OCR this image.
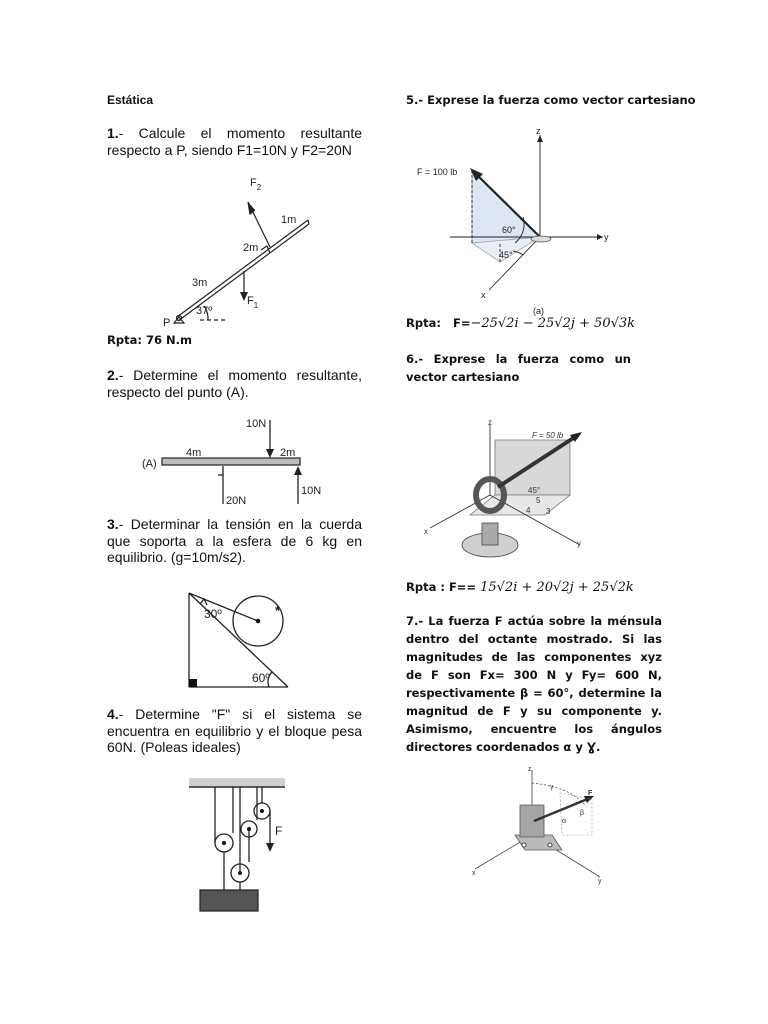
Estática
1.- Calcule el momento resultante respecto a P, siendo F1=10N y F2=20N
$F_2$
1m
2m
3m
$F_1$
P
37º
Rpta: 76 N.m
2.- Determine el momento resultante, respecto del punto (A).
10N
(A)
4m	2m
20N
10N
3.- Determinar la tensión en la cuerda que soporta a la esfera de 6 kg en equilibrio. (g=10m/s2).
30º
60º
*
4.- Determine "F" si el sistema se encuentra en equilibrio y el bloque pesa 60N. (Poleas ideales)
F
5.- Exprese la fuerza como vector cartesiano
F = 100 lb
z
y
x
60°
45°
(a)
Rpta: F=−25√2i − 25√2j + 50√3k
6.- Exprese la fuerza como un vector cartesiano
z
y
x
F = 50 lb
45°
5
4 3
Rpta : F== 15√2i + 20√2j + 25√2k
7.- La fuerza F actúa sobre la ménsula dentro del octante mostrado. Si las magnitudes de las componentes xyz de F son Fx= 300 N y Fy= 600 N, respectivamente β = 60°, determine la magnitud de F y su componente y. Asimismo, encuentre los ángulos directores coordenados α y Ɣ.
z
y
x
F
γ
β
α
